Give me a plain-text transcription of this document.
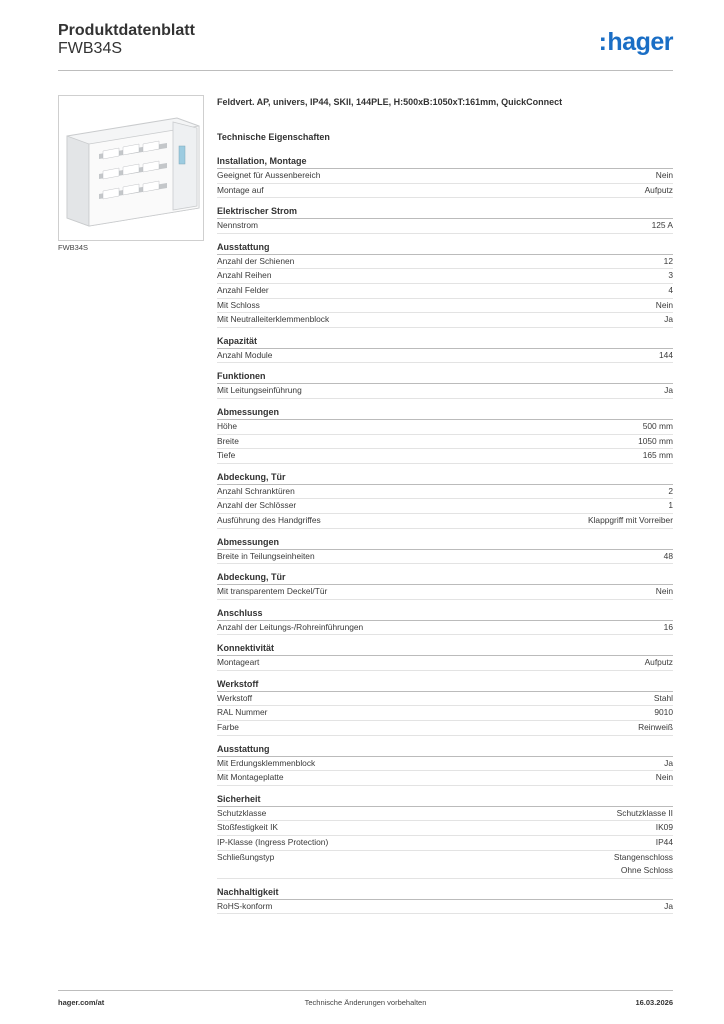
Produktdatenblatt
FWB34S	:hager
FWB34S
Feldvert. AP, univers, IP44, SKII, 144PLE, H:500xB:1050xT:161mm, QuickConnect
Technische Eigenschaften
Installation, Montage
Geeignet für Aussenbereich	Nein
Montage auf	Aufputz
Elektrischer Strom
Nennstrom	125 A
Ausstattung
Anzahl der Schienen	12
Anzahl Reihen	3
Anzahl Felder	4
Mit Schloss	Nein
Mit Neutralleiterklemmenblock	Ja
Kapazität
Anzahl Module	144
Funktionen
Mit Leitungseinführung	Ja
Abmessungen
Höhe	500 mm
Breite	1050 mm
Tiefe	165 mm
Abdeckung, Tür
Anzahl Schranktüren	2
Anzahl der Schlösser	1
Ausführung des Handgriffes	Klappgriff mit Vorreiber
Abmessungen
Breite in Teilungseinheiten	48
Abdeckung, Tür
Mit transparentem Deckel/Tür	Nein
Anschluss
Anzahl der Leitungs-/Rohreinführungen	16
Konnektivität
Montageart	Aufputz
Werkstoff
Werkstoff	Stahl
RAL Nummer	9010
Farbe	Reinweiß
Ausstattung
Mit Erdungsklemmenblock	Ja
Mit Montageplatte	Nein
Sicherheit
Schutzklasse	Schutzklasse II
Stoßfestigkeit IK	IK09
IP-Klasse (Ingress Protection)	IP44
Schließungstyp	Stangenschloss
Ohne Schloss
Nachhaltigkeit
RoHS-konform	Ja
hager.com/at	Technische Änderungen vorbehalten	16.03.2026
